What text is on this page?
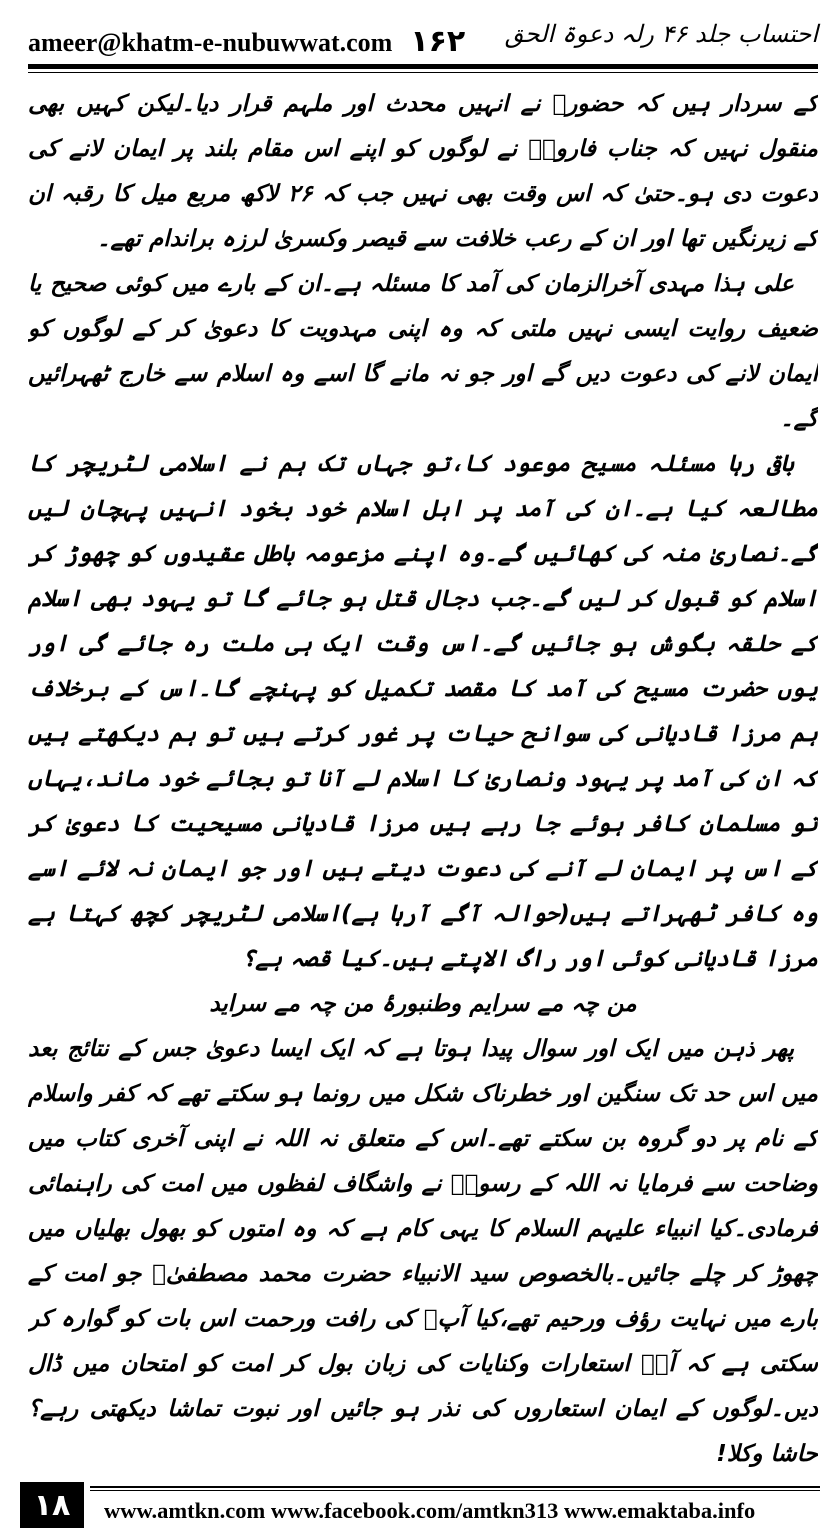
ameer@khatm-e-nubuwwat.com ۱۶۲ احتساب جلد ۴۶ رلہ دعوۃ الحق

کے سردار ہیں کہ حضورﷺ نے انہیں محدث اور ملہم قرار دیا۔لیکن کہیں بھی منقول نہیں کہ جناب فاروقؓ نے لوگوں کو اپنے اس مقام بلند پر ایمان لانے کی دعوت دی ہو۔حتیٰ کہ اس وقت بھی نہیں جب کہ ۲۶ لاکھ مربع میل کا رقبہ ان کے زیرنگیں تھا اور ان کے رعب خلافت سے قیصر وکسریٰ لرزہ براندام تھے۔

علی ہذا مہدی آخرالزمان کی آمد کا مسئلہ ہے۔ان کے بارے میں کوئی صحیح یا ضعیف روایت ایسی نہیں ملتی کہ وہ اپنی مہدویت کا دعویٰ کر کے لوگوں کو ایمان لانے کی دعوت دیں گے اور جو نہ مانے گا اسے وہ اسلام سے خارج ٹھہرائیں گے۔

باقی رہا مسئلہ مسیح موعود کا،تو جہاں تک ہم نے اسلامی لٹریچر کا مطالعہ کیا ہے۔ان کی آمد پر اہل اسلام خود بخود انہیں پہچان لیں گے۔نصاریٰ منہ کی کھائیں گے۔وہ اپنے مزعومہ باطل عقیدوں کو چھوڑ کر اسلام کو قبول کر لیں گے۔جب دجال قتل ہو جائے گا تو یہود بھی اسلام کے حلقہ بگوش ہو جائیں گے۔اس وقت ایک ہی ملت رہ جائے گی اور یوں حضرت مسیح کی آمد کا مقصد تکمیل کو پہنچے گا۔اس کے برخلاف ہم مرزا قادیانی کی سوانح حیات پر غور کرتے ہیں تو ہم دیکھتے ہیں کہ ان کی آمد پر یہود ونصاریٰ کا اسلام لے آنا تو بجائے خود ماند،یہاں تو مسلمان کافر ہوئے جا رہے ہیں مرزا قادیانی مسیحیت کا دعویٰ کر کے اس پر ایمان لے آنے کی دعوت دیتے ہیں اور جو ایمان نہ لائے اسے وہ کافر ٹھہراتے ہیں(حوالہ آگے آرہا ہے)اسلامی لٹریچر کچھ کہتا ہے مرزا قادیانی کوئی اور راگ الاپتے ہیں۔کیا قصہ ہے؟

من چہ مے سرایم وطنبورۂ من چہ مے سراید

پھر ذہن میں ایک اور سوال پیدا ہوتا ہے کہ ایک ایسا دعویٰ جس کے نتائج بعد میں اس حد تک سنگین اور خطرناک شکل میں رونما ہو سکتے تھے کہ کفر واسلام کے نام پر دو گروہ بن سکتے تھے۔اس کے متعلق نہ اللہ نے اپنی آخری کتاب میں وضاحت سے فرمایا نہ اللہ کے رسولؐ نے واشگاف لفظوں میں امت کی راہنمائی فرمادی۔کیا انبیاء علیہم السلام کا یہی کام ہے کہ وہ امتوں کو بھول بھلیاں میں چھوڑ کر چلے جائیں۔بالخصوص سید الانبیاء حضرت محمد مصطفیٰﷺ جو امت کے بارے میں نہایت رؤف ورحیم تھے،کیا آپﷺ کی رافت ورحمت اس بات کو گوارہ کر سکتی ہے کہ آپؐ استعارات وکنایات کی زبان بول کر امت کو امتحان میں ڈال دیں۔لوگوں کے ایمان استعاروں کی نذر ہو جائیں اور نبوت تماشا دیکھتی رہے؟حاشا وکلا!

۱۸	www.amtkn.com www.facebook.com/amtkn313 www.emaktaba.info
